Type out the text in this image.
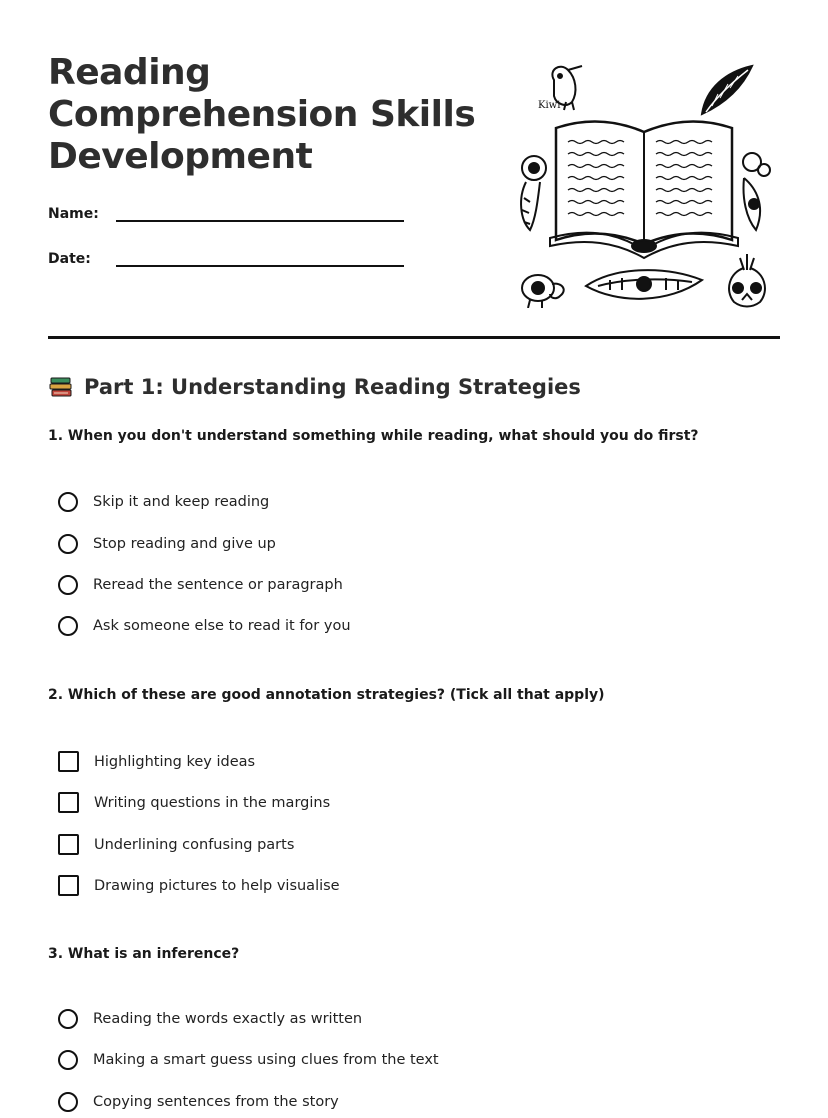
Reading
Comprehension Skills
Development
Name:
Date:
Kiwi
Part 1: Understanding Reading Strategies

1. When you don't understand something while reading, what should you do first?

Skip it and keep reading
Stop reading and give up
Reread the sentence or paragraph
Ask someone else to read it for you

2. Which of these are good annotation strategies? (Tick all that apply)

Highlighting key ideas
Writing questions in the margins
Underlining confusing parts
Drawing pictures to help visualise

3. What is an inference?

Reading the words exactly as written
Making a smart guess using clues from the text
Copying sentences from the story
